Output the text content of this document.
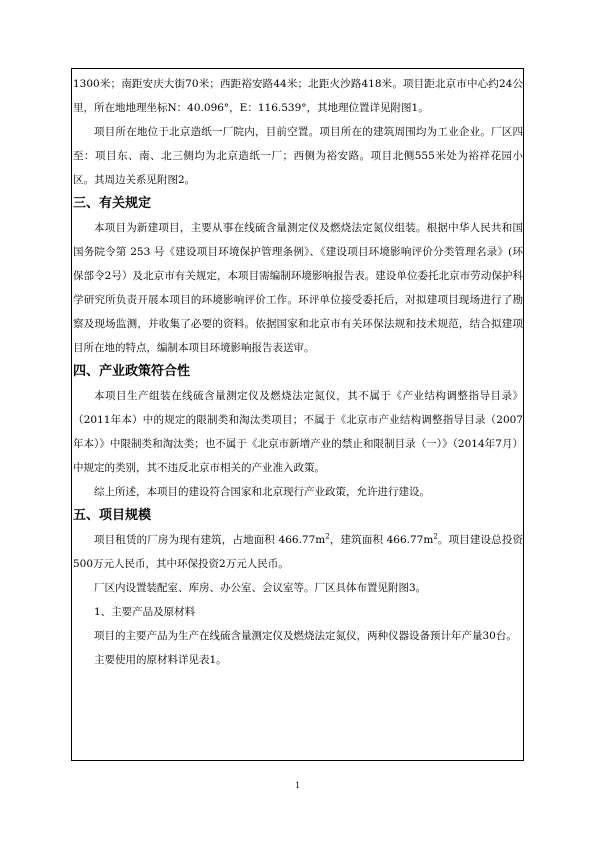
1300米；南距安庆大街70米；西距裕安路44米；北距火沙路418米。项目距北京市中心约24公里，所在地地理坐标N：40.096°，E：116.539°，其地理位置详见附图1。

项目所在地位于北京造纸一厂院内，目前空置。项目所在的建筑周围均为工业企业。厂区四至：项目东、南、北三侧均为北京造纸一厂；西侧为裕安路。项目北侧555米处为裕祥花园小区。其周边关系见附图2。

三、有关规定

本项目为新建项目，主要从事在线硫含量测定仪及燃烧法定氮仪组装。根据中华人民共和国国务院令第 253 号《建设项目环境保护管理条例》、《建设项目环境影响评价分类管理名录》(环保部令2号）及北京市有关规定，本项目需编制环境影响报告表。建设单位委托北京市劳动保护科学研究所负责开展本项目的环境影响评价工作。环评单位接受委托后，对拟建项目现场进行了勘察及现场监测，并收集了必要的资料。依据国家和北京市有关环保法规和技术规范，结合拟建项目所在地的特点，编制本项目环境影响报告表送审。

四、产业政策符合性

本项目生产组装在线硫含量测定仪及燃烧法定氮仪，其不属于《产业结构调整指导目录》（2011年本）中的规定的限制类和淘汰类项目；不属于《北京市产业结构调整指导目录（2007年本）》中限制类和淘汰类；也不属于《北京市新增产业的禁止和限制目录（一）》（2014年7月）中规定的类别，其不违反北京市相关的产业准入政策。

综上所述，本项目的建设符合国家和北京现行产业政策，允许进行建设。

五、项目规模

项目租赁的厂房为现有建筑，占地面积 $466.77m^2$，建筑面积 $466.77m^2$。项目建设总投资500万元人民币，其中环保投资2万元人民币。

厂区内设置装配室、库房、办公室、会议室等。厂区具体布置见附图3。

1、主要产品及原材料

项目的主要产品为生产在线硫含量测定仪及燃烧法定氮仪，两种仪器设备预计年产量30台。

主要使用的原材料详见表1。

1
